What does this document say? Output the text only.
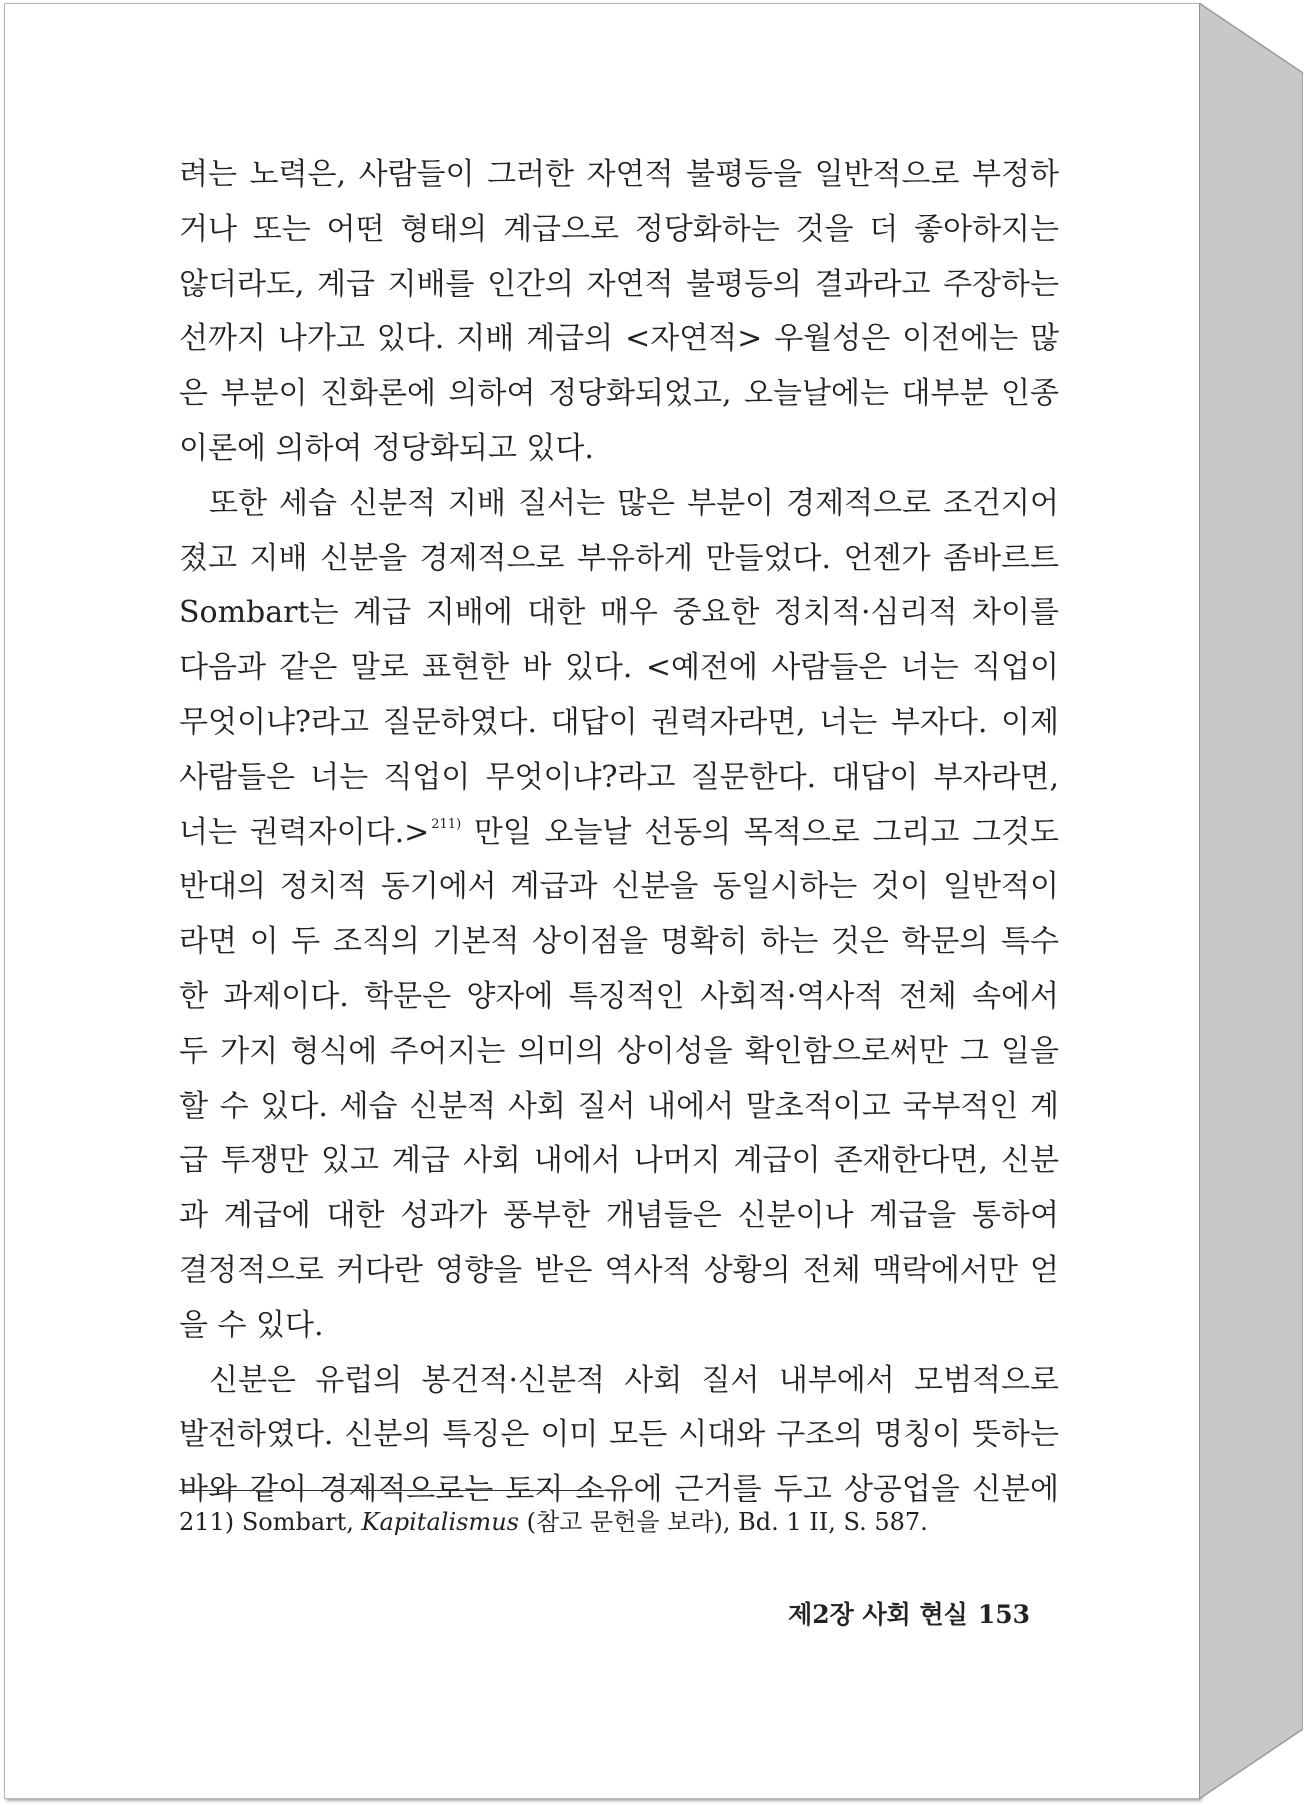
려는 노력은, 사람들이 그러한 자연적 불평등을 일반적으로 부정하
거나 또는 어떤 형태의 계급으로 정당화하는 것을 더 좋아하지는
않더라도, 계급 지배를 인간의 자연적 불평등의 결과라고 주장하는
선까지 나가고 있다. 지배 계급의 <자연적> 우월성은 이전에는 많
은 부분이 진화론에 의하여 정당화되었고, 오늘날에는 대부분 인종
이론에 의하여 정당화되고 있다.
또한 세습 신분적 지배 질서는 많은 부분이 경제적으로 조건지어
졌고 지배 신분을 경제적으로 부유하게 만들었다. 언젠가 좀바르트
Sombart는 계급 지배에 대한 매우 중요한 정치적·심리적 차이를
다음과 같은 말로 표현한 바 있다. <예전에 사람들은 너는 직업이
무엇이냐?라고 질문하였다. 대답이 권력자라면, 너는 부자다. 이제
사람들은 너는 직업이 무엇이냐?라고 질문한다. 대답이 부자라면,
너는 권력자이다.> $^{211)}$ 만일 오늘날 선동의 목적으로 그리고 그것도
반대의 정치적 동기에서 계급과 신분을 동일시하는 것이 일반적이
라면 이 두 조직의 기본적 상이점을 명확히 하는 것은 학문의 특수
한 과제이다. 학문은 양자에 특징적인 사회적·역사적 전체 속에서
두 가지 형식에 주어지는 의미의 상이성을 확인함으로써만 그 일을
할 수 있다. 세습 신분적 사회 질서 내에서 말초적이고 국부적인 계
급 투쟁만 있고 계급 사회 내에서 나머지 계급이 존재한다면, 신분
과 계급에 대한 성과가 풍부한 개념들은 신분이나 계급을 통하여
결정적으로 커다란 영향을 받은 역사적 상황의 전체 맥락에서만 얻
을 수 있다.
신분은 유럽의 봉건적·신분적 사회 질서 내부에서 모범적으로
발전하였다. 신분의 특징은 이미 모든 시대와 구조의 명칭이 뜻하는
바와 같이 경제적으로는 토지 소유에 근거를 두고 상공업을 신분에
211) Sombart, Kapitalismus (참고 문헌을 보라), Bd. 1 II, S. 587.
제2장 사회 현실 153
